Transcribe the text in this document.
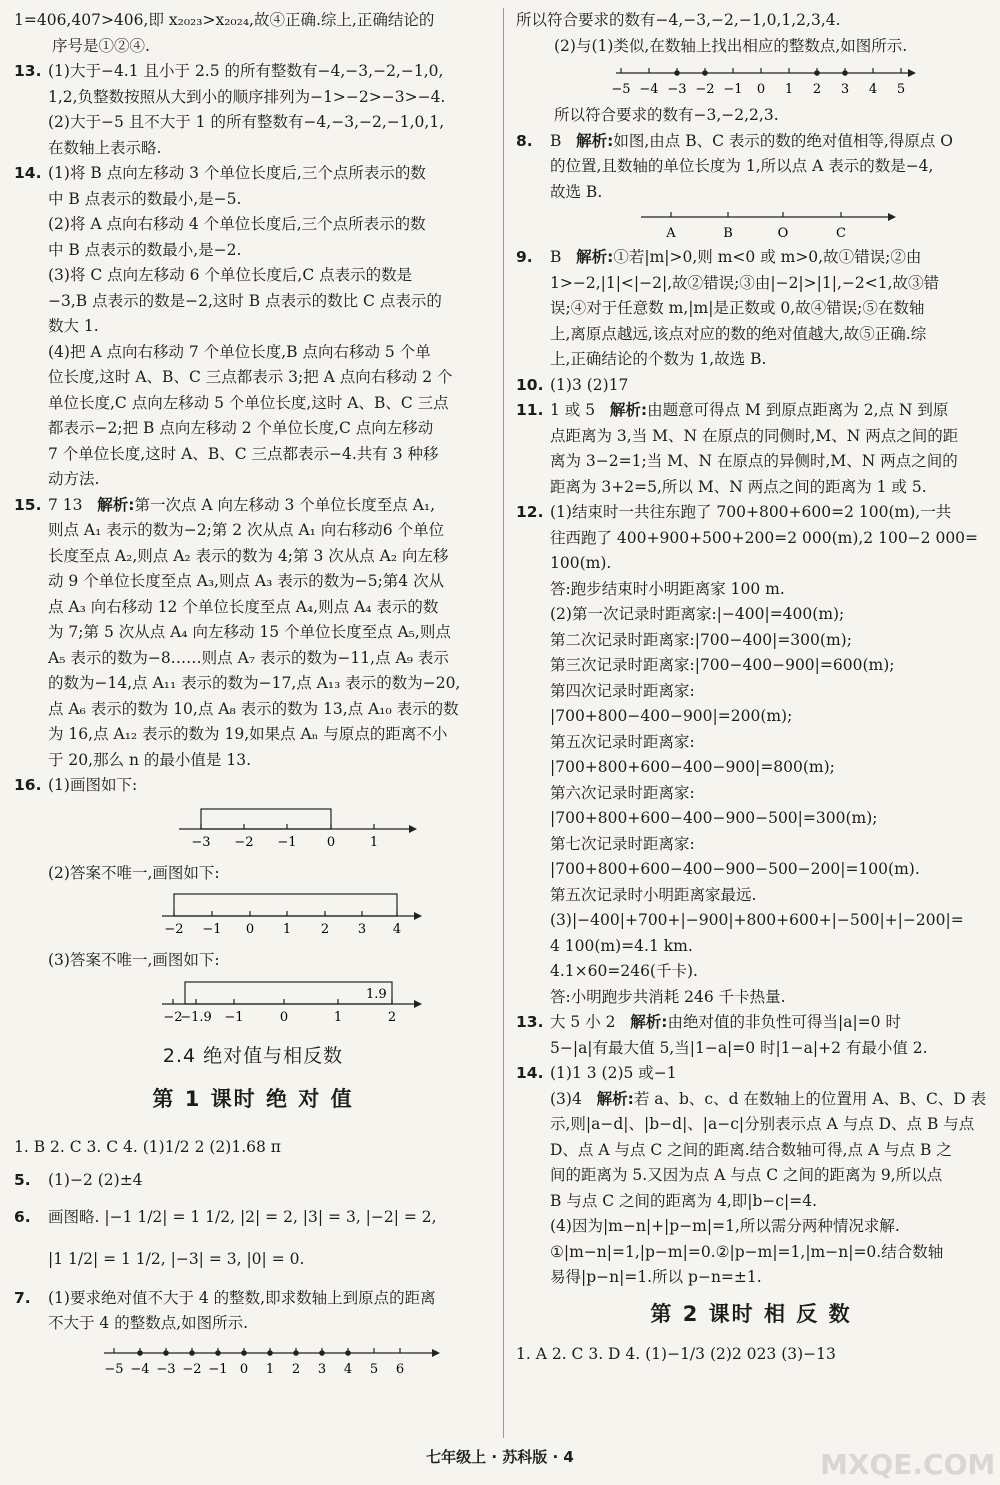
1=406,407>406,即 x₂₀₂₃>x₂₀₂₄,故④正确.综上,正确结论的
序号是①②④.
13. (1)大于−4.1 且小于 2.5 的所有整数有−4,−3,−2,−1,0,
1,2,负整数按照从大到小的顺序排列为−1>−2>−3>−4.
(2)大于−5 且不大于 1 的所有整数有−4,−3,−2,−1,0,1,
在数轴上表示略.
14. (1)将 B 点向左移动 3 个单位长度后,三个点所表示的数
中 B 点表示的数最小,是−5.
(2)将 A 点向右移动 4 个单位长度后,三个点所表示的数
中 B 点表示的数最小,是−2.
(3)将 C 点向左移动 6 个单位长度后,C 点表示的数是
−3,B 点表示的数是−2,这时 B 点表示的数比 C 点表示的
数大 1.
(4)把 A 点向右移动 7 个单位长度,B 点向右移动 5 个单
位长度,这时 A、B、C 三点都表示 3;把 A 点向右移动 2 个
单位长度,C 点向左移动 5 个单位长度,这时 A、B、C 三点
都表示−2;把 B 点向左移动 2 个单位长度,C 点向左移动
7 个单位长度,这时 A、B、C 三点都表示−4.共有 3 种移
动方法.
15. 7 13 解析:第一次点 A 向左移动 3 个单位长度至点 A₁,
则点 A₁ 表示的数为−2;第 2 次从点 A₁ 向右移动6 个单位
长度至点 A₂,则点 A₂ 表示的数为 4;第 3 次从点 A₂ 向左移
动 9 个单位长度至点 A₃,则点 A₃ 表示的数为−5;第4 次从
点 A₃ 向右移动 12 个单位长度至点 A₄,则点 A₄ 表示的数
为 7;第 5 次从点 A₄ 向左移动 15 个单位长度至点 A₅,则点
A₅ 表示的数为−8……则点 A₇ 表示的数为−11,点 A₉ 表示
的数为−14,点 A₁₁ 表示的数为−17,点 A₁₃ 表示的数为−20,
点 A₆ 表示的数为 10,点 A₈ 表示的数为 13,点 A₁₀ 表示的数
为 16,点 A₁₂ 表示的数为 19,如果点 Aₙ 与原点的距离不小
于 20,那么 n 的最小值是 13.
16. (1)画图如下:
−3 −2 −1 0	1
(2)答案不唯一,画图如下:
−2 −1 0 1 2 3 4
(3)答案不唯一,画图如下:
1.9
−2
−1.9 −1	0	1	2
2.4 绝对值与相反数
第 1 课时 绝 对 值
1. B 2. C 3. C 4. (1)1/2 2 (2)1.68 π
5. (1)−2 (2)±4
6. 画图略. |−1 1/2| = 1 1/2, |2| = 2, |3| = 3, |−2| = 2,
|1 1/2| = 1 1/2, |−3| = 3, |0| = 0.
7. (1)要求绝对值不大于 4 的整数,即求数轴上到原点的距离
不大于 4 的整数点,如图所示.
−5 −4 −3 −2 −1 0 1 2 3 4 5 6
所以符合要求的数有−4,−3,−2,−1,0,1,2,3,4.
(2)与(1)类似,在数轴上找出相应的整数点,如图所示.
−5 −4 −3 −2 −1 0 1 2 3 4 5
所以符合要求的数有−3,−2,2,3.
8. B 解析:如图,由点 B、C 表示的数的绝对值相等,得原点 O
的位置,且数轴的单位长度为 1,所以点 A 表示的数是−4,
故选 B.
A	B	O	C
9. B 解析:①若|m|>0,则 m<0 或 m>0,故①错误;②由
1>−2,|1|<|−2|,故②错误;③由|−2|>|1|,−2<1,故③错
误;④对于任意数 m,|m|是正数或 0,故④错误;⑤在数轴
上,离原点越远,该点对应的数的绝对值越大,故⑤正确.综
上,正确结论的个数为 1,故选 B.
10. (1)3 (2)17
11. 1 或 5 解析:由题意可得点 M 到原点距离为 2,点 N 到原
点距离为 3,当 M、N 在原点的同侧时,M、N 两点之间的距
离为 3−2=1;当 M、N 在原点的异侧时,M、N 两点之间的
距离为 3+2=5,所以 M、N 两点之间的距离为 1 或 5.
12. (1)结束时一共往东跑了 700+800+600=2 100(m),一共
往西跑了 400+900+500+200=2 000(m),2 100−2 000=
100(m).
答:跑步结束时小明距离家 100 m.
(2)第一次记录时距离家:|−400|=400(m);
第二次记录时距离家:|700−400|=300(m);
第三次记录时距离家:|700−400−900|=600(m);
第四次记录时距离家:
|700+800−400−900|=200(m);
第五次记录时距离家:
|700+800+600−400−900|=800(m);
第六次记录时距离家:
|700+800+600−400−900−500|=300(m);
第七次记录时距离家:
|700+800+600−400−900−500−200|=100(m).
第五次记录时小明距离家最远.
(3)|−400|+700+|−900|+800+600+|−500|+|−200|=
4 100(m)=4.1 km.
4.1×60=246(千卡).
答:小明跑步共消耗 246 千卡热量.
13. 大 5 小 2 解析:由绝对值的非负性可得当|a|=0 时
5−|a|有最大值 5,当|1−a|=0 时|1−a|+2 有最小值 2.
14. (1)1 3 (2)5 或−1
(3)4 解析:若 a、b、c、d 在数轴上的位置用 A、B、C、D 表
示,则|a−d|、|b−d|、|a−c|分别表示点 A 与点 D、点 B 与点
D、点 A 与点 C 之间的距离.结合数轴可得,点 A 与点 B 之
间的距离为 5.又因为点 A 与点 C 之间的距离为 9,所以点
B 与点 C 之间的距离为 4,即|b−c|=4.
(4)因为|m−n|+|p−m|=1,所以需分两种情况求解.
①|m−n|=1,|p−m|=0.②|p−m|=1,|m−n|=0.结合数轴
易得|p−n|=1.所以 p−n=±1.
第 2 课时 相 反 数
1. A 2. C 3. D 4. (1)−1/3 (2)2 023 (3)−13
七年级上 · 苏科版 · 4	MXQE.COM
